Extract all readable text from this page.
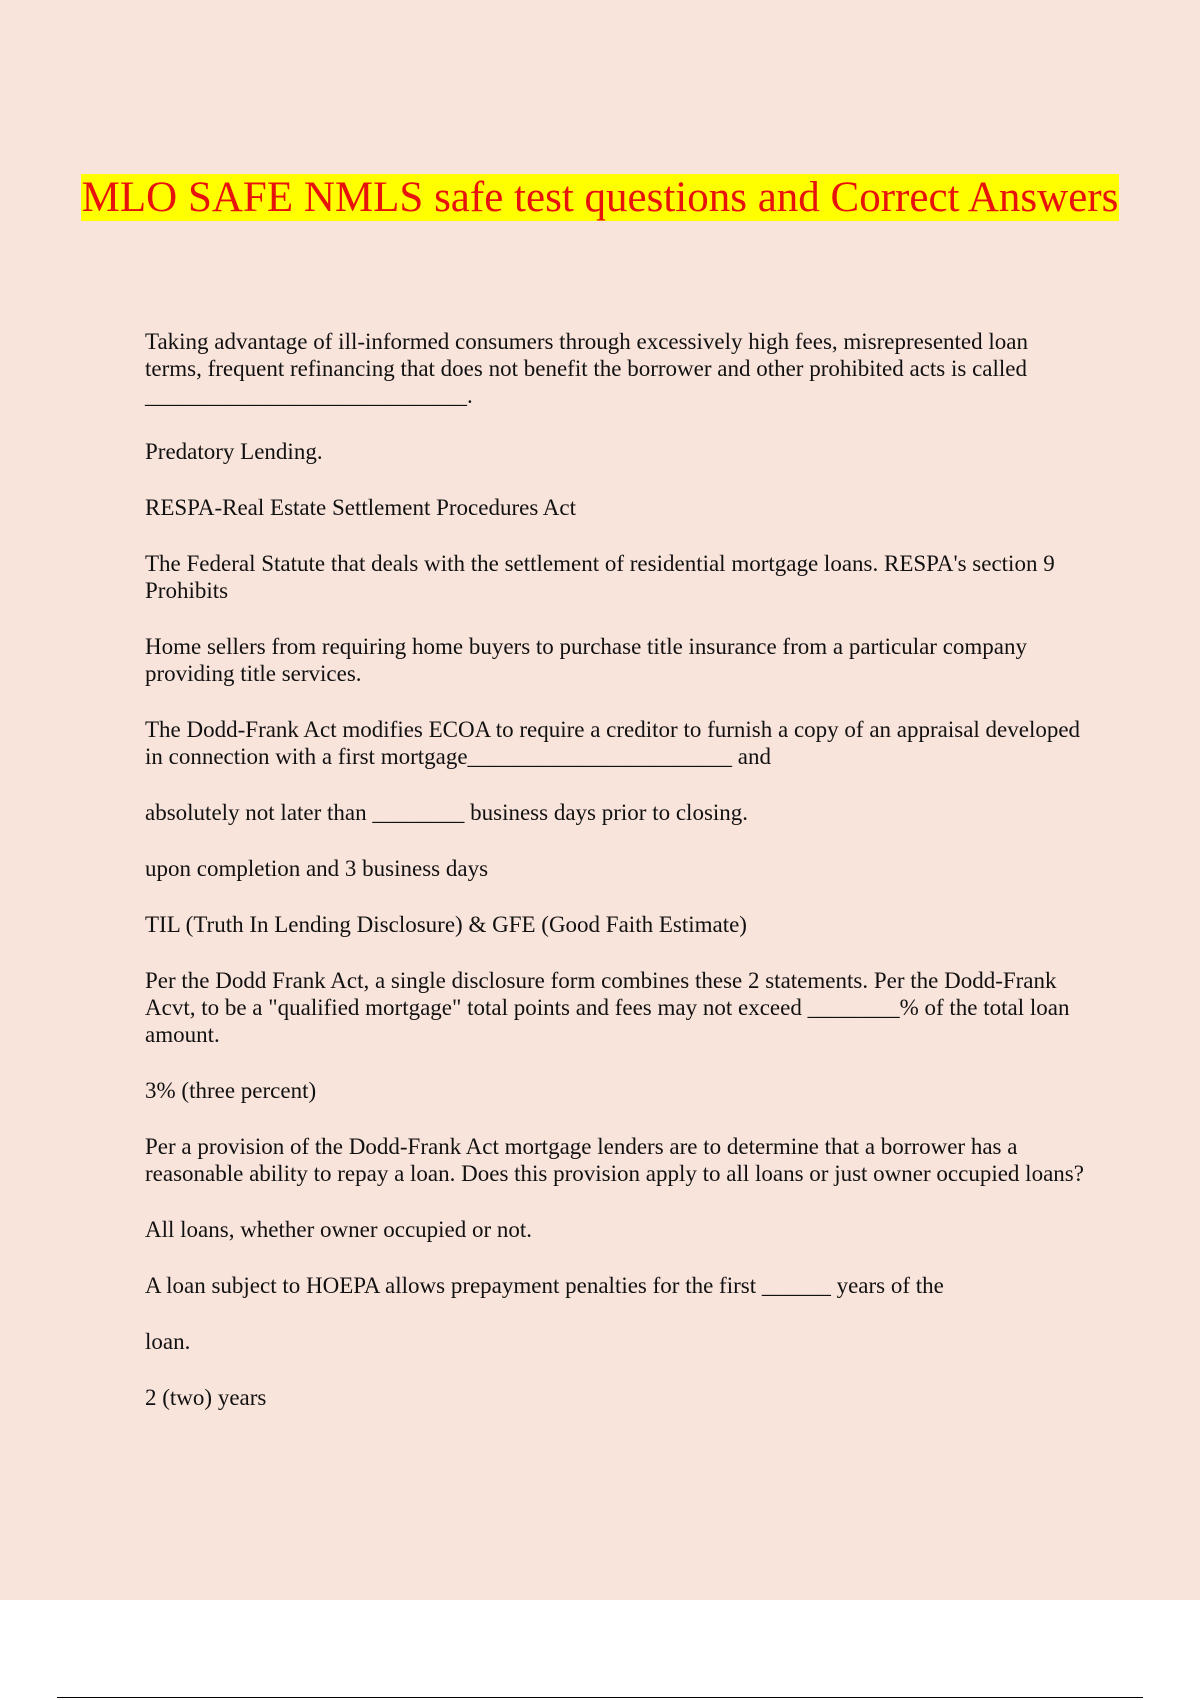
MLO SAFE NMLS safe test questions and Correct Answers

Taking advantage of ill-informed consumers through excessively high fees, misrepresented loan terms, frequent refinancing that does not benefit the borrower and other prohibited acts is called ____________________________.

Predatory Lending.

RESPA-Real Estate Settlement Procedures Act

The Federal Statute that deals with the settlement of residential mortgage loans. RESPA's section 9 Prohibits

Home sellers from requiring home buyers to purchase title insurance from a particular company providing title services.

The Dodd-Frank Act modifies ECOA to require a creditor to furnish a copy of an appraisal developed in connection with a first mortgage_______________________ and

absolutely not later than ________ business days prior to closing.

upon completion and 3 business days

TIL (Truth In Lending Disclosure) & GFE (Good Faith Estimate)

Per the Dodd Frank Act, a single disclosure form combines these 2 statements. Per the Dodd-Frank Acvt, to be a "qualified mortgage" total points and fees may not exceed ________% of the total loan amount.

3% (three percent)

Per a provision of the Dodd-Frank Act mortgage lenders are to determine that a borrower has a reasonable ability to repay a loan. Does this provision apply to all loans or just owner occupied loans?

All loans, whether owner occupied or not.

A loan subject to HOEPA allows prepayment penalties for the first ______ years of the

loan.

2 (two) years
